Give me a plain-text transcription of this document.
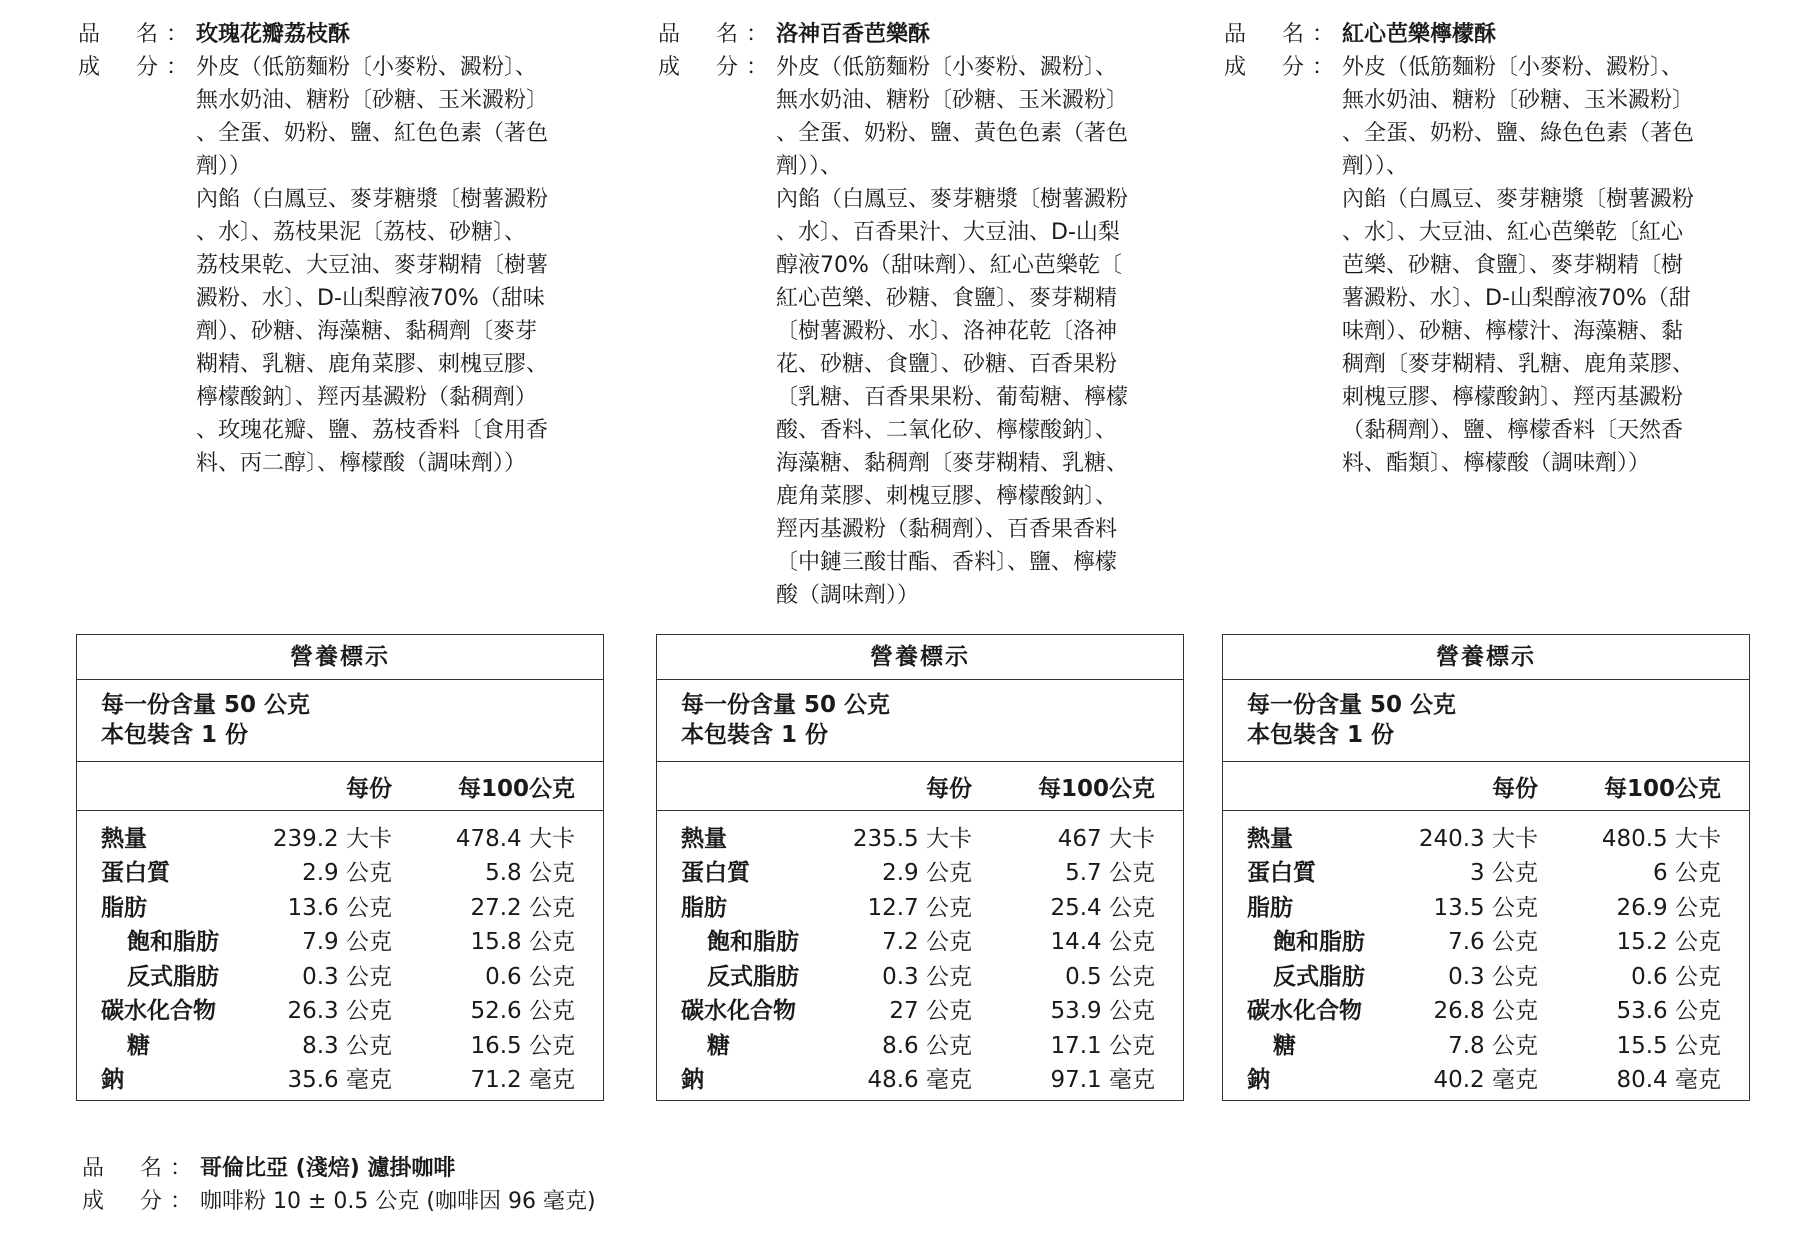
品	名 ： 玫瑰花瓣荔枝酥
成	分 ： 外皮（低筋麵粉〔小麥粉、澱粉〕、

無水奶油、糖粉〔砂糖、玉米澱粉〕

、全蛋、奶粉、鹽、紅色色素（著色

劑））

內餡（白鳳豆、麥芽糖漿〔樹薯澱粉

、水〕、荔枝果泥〔荔枝、砂糖〕、

荔枝果乾、大豆油、麥芽糊精〔樹薯

澱粉、水〕、D-山梨醇液70%（甜味

劑）、砂糖、海藻糖、黏稠劑〔麥芽

糊精、乳糖、鹿角菜膠、刺槐豆膠、

檸檬酸鈉〕、羥丙基澱粉（黏稠劑）

、玫瑰花瓣、鹽、荔枝香料〔食用香

料、丙二醇〕、檸檬酸（調味劑））

品	名 ： 洛神百香芭樂酥
成	分 ： 外皮（低筋麵粉〔小麥粉、澱粉〕、

無水奶油、糖粉〔砂糖、玉米澱粉〕

、全蛋、奶粉、鹽、黃色色素（著色

劑））、

內餡（白鳳豆、麥芽糖漿〔樹薯澱粉

、水〕、百香果汁、大豆油、D-山梨

醇液70%（甜味劑）、紅心芭樂乾〔

紅心芭樂、砂糖、食鹽〕、麥芽糊精

〔樹薯澱粉、水〕、洛神花乾〔洛神

花、砂糖、食鹽〕、砂糖、百香果粉

〔乳糖、百香果果粉、葡萄糖、檸檬

酸、香料、二氧化矽、檸檬酸鈉〕、

海藻糖、黏稠劑〔麥芽糊精、乳糖、

鹿角菜膠、刺槐豆膠、檸檬酸鈉〕、

羥丙基澱粉（黏稠劑）、百香果香料

〔中鏈三酸甘酯、香料〕、鹽、檸檬

酸（調味劑））

品	名 ： 紅心芭樂檸檬酥
成	分 ： 外皮（低筋麵粉〔小麥粉、澱粉〕、

無水奶油、糖粉〔砂糖、玉米澱粉〕

、全蛋、奶粉、鹽、綠色色素（著色

劑））、

內餡（白鳳豆、麥芽糖漿〔樹薯澱粉

、水〕、大豆油、紅心芭樂乾〔紅心

芭樂、砂糖、食鹽〕、麥芽糊精〔樹

薯澱粉、水〕、D-山梨醇液70%（甜

味劑）、砂糖、檸檬汁、海藻糖、黏

稠劑〔麥芽糊精、乳糖、鹿角菜膠、

刺槐豆膠、檸檬酸鈉〕、羥丙基澱粉

（黏稠劑）、鹽、檸檬香料〔天然香

料、酯類〕、檸檬酸（調味劑））

營養標示
每一份含量 50 公克
本包裝含 1 份
每份	每100公克
熱量	239.2 大卡	478.4 大卡
蛋白質	2.9 公克	5.8 公克
脂肪	13.6 公克	27.2 公克
飽和脂肪	7.9 公克	15.8 公克
反式脂肪	0.3 公克	0.6 公克
碳水化合物	26.3 公克	52.6 公克
糖	8.3 公克	16.5 公克
鈉	35.6 毫克	71.2 毫克
營養標示
每一份含量 50 公克
本包裝含 1 份
每份	每100公克
熱量	235.5 大卡	467 大卡
蛋白質	2.9 公克	5.7 公克
脂肪	12.7 公克	25.4 公克
飽和脂肪	7.2 公克	14.4 公克
反式脂肪	0.3 公克	0.5 公克
碳水化合物	27 公克	53.9 公克
糖	8.6 公克	17.1 公克
鈉	48.6 毫克	97.1 毫克
營養標示
每一份含量 50 公克
本包裝含 1 份
每份	每100公克
熱量	240.3 大卡	480.5 大卡
蛋白質	3 公克	6 公克
脂肪	13.5 公克	26.9 公克
飽和脂肪	7.6 公克	15.2 公克
反式脂肪	0.3 公克	0.6 公克
碳水化合物	26.8 公克	53.6 公克
糖	7.8 公克	15.5 公克
鈉	40.2 毫克	80.4 毫克
品	名 ： 哥倫比亞 (淺焙) 濾掛咖啡
成	分 ： 咖啡粉 10 ± 0.5 公克 (咖啡因 96 毫克)
